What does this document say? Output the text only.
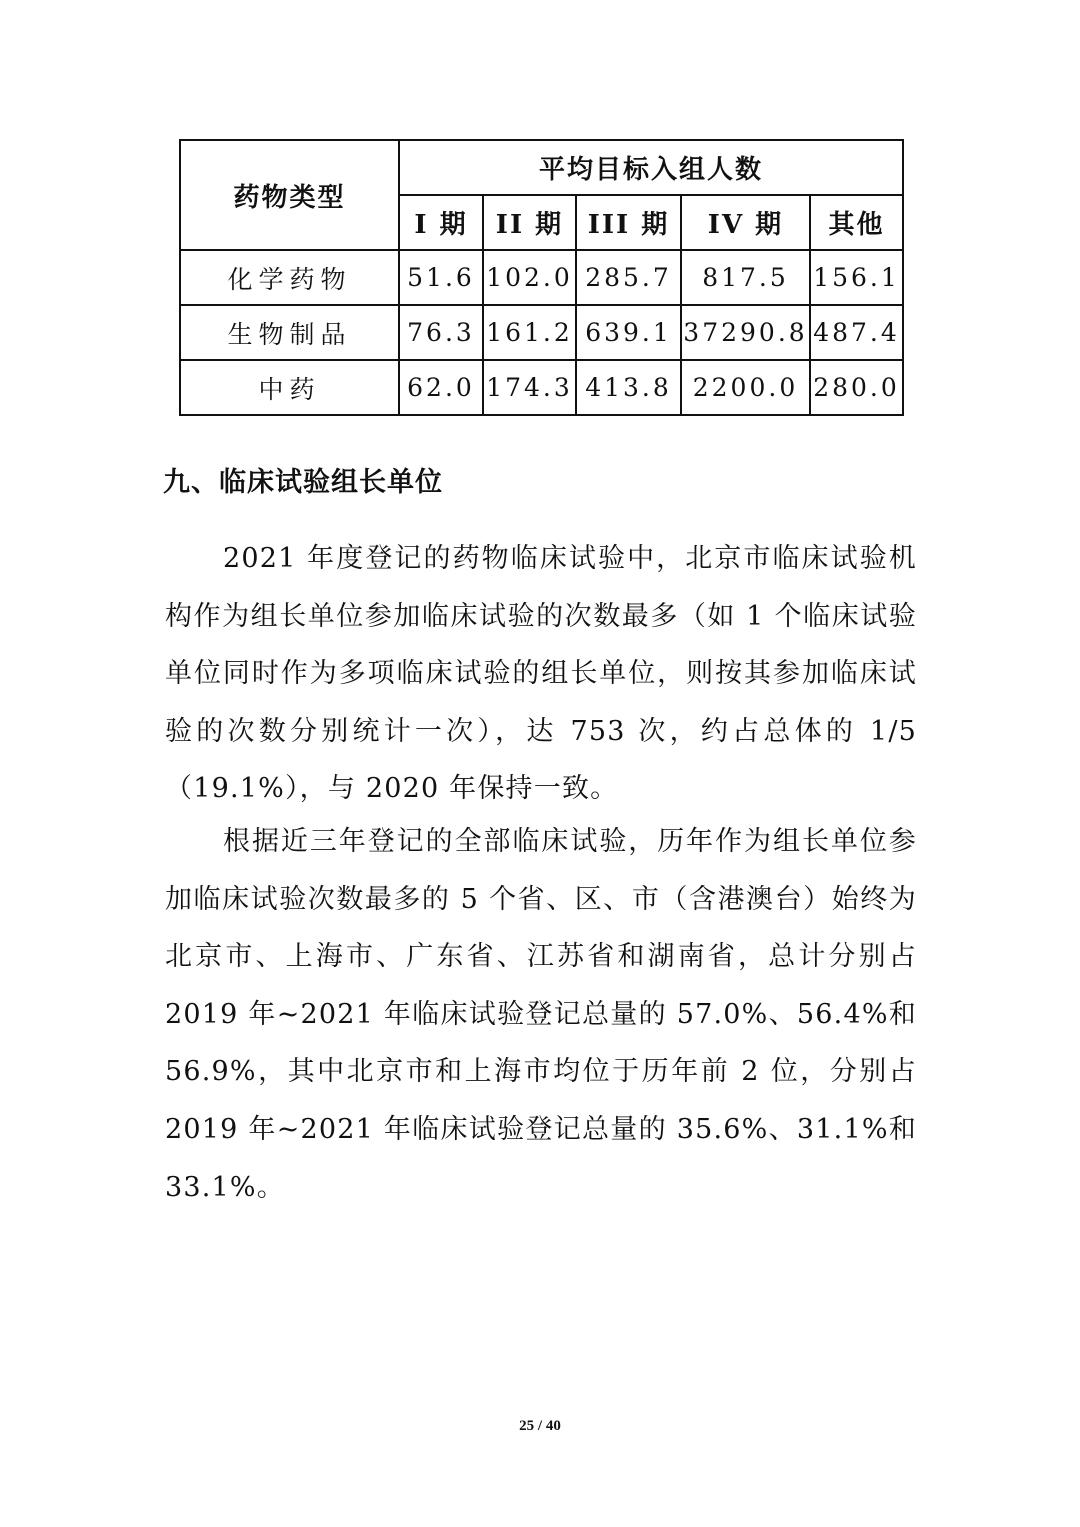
药物类型	平均目标入组人数				
	I 期	II 期	III 期	IV 期	其他
化学药物	51.6	102.0	285.7	817.5	156.1
生物制品	76.3	161.2	639.1	37290.8	487.4
中药	62.0	174.3	413.8	2200.0	280.0
九、临床试验组长单位

2021 年度登记的药物临床试验中，北京市临床试验机构作为组长单位参加临床试验的次数最多（如 1 个临床试验单位同时作为多项临床试验的组长单位，则按其参加临床试验的次数分别统计一次），达 753 次，约占总体的 1/5（19.1%），与 2020 年保持一致。

根据近三年登记的全部临床试验，历年作为组长单位参加临床试验次数最多的 5 个省、区、市（含港澳台）始终为北京市、上海市、广东省、江苏省和湖南省，总计分别占 2019 年~2021 年临床试验登记总量的 57.0%、56.4%和 56.9%，其中北京市和上海市均位于历年前 2 位，分别占 2019 年~2021 年临床试验登记总量的 35.6%、31.1%和 33.1%。

25 / 40
